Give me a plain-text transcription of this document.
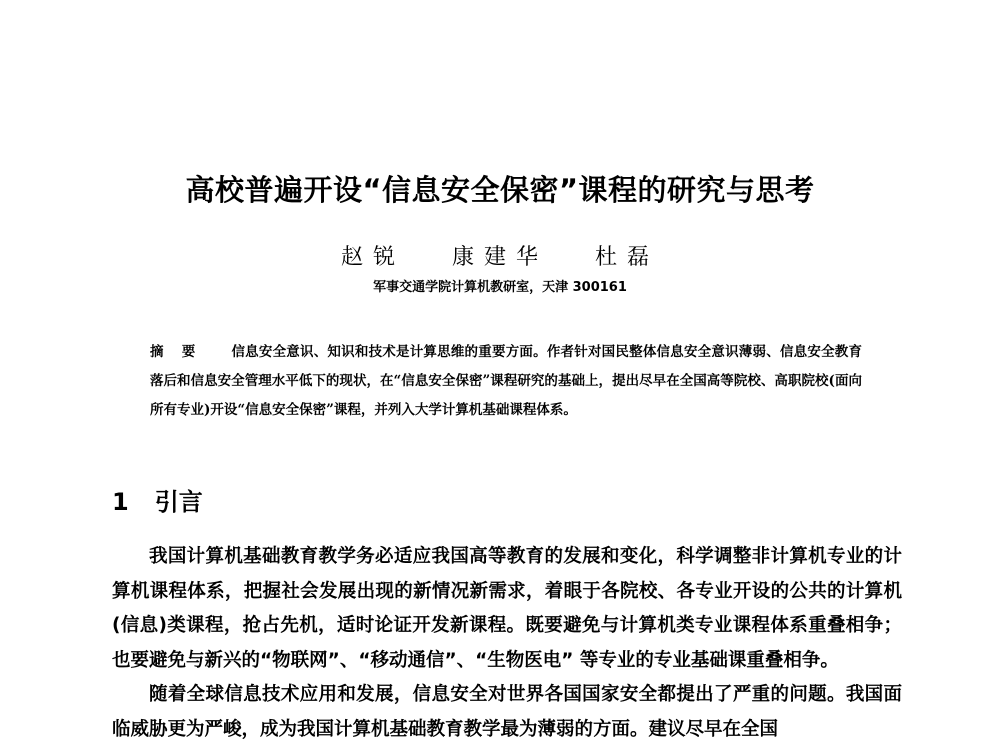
高校普遍开设“信息安全保密”课程的研究与思考
赵锐 康建华 杜磊
军事交通学院计算机教研室，天津 300161
摘要 信息安全意识、知识和技术是计算思维的重要方面。作者针对国民整体信息安全意识薄弱、信息安全教育落后和信息安全管理水平低下的现状，在“信息安全保密”课程研究的基础上，提出尽早在全国高等院校、高职院校(面向所有专业)开设“信息安全保密”课程，并列入大学计算机基础课程体系。
1 引言

我国计算机基础教育教学务必适应我国高等教育的发展和变化，科学调整非计算机专业的计算机课程体系，把握社会发展出现的新情况新需求，着眼于各院校、各专业开设的公共的计算机(信息)类课程，抢占先机，适时论证开发新课程。既要避免与计算机类专业课程体系重叠相争；也要避免与新兴的“物联网”、“移动通信”、“生物医电” 等专业的专业基础课重叠相争。

随着全球信息技术应用和发展，信息安全对世界各国国家安全都提出了严重的问题。我国面临威胁更为严峻，成为我国计算机基础教育教学最为薄弱的方面。建议尽早在全国
